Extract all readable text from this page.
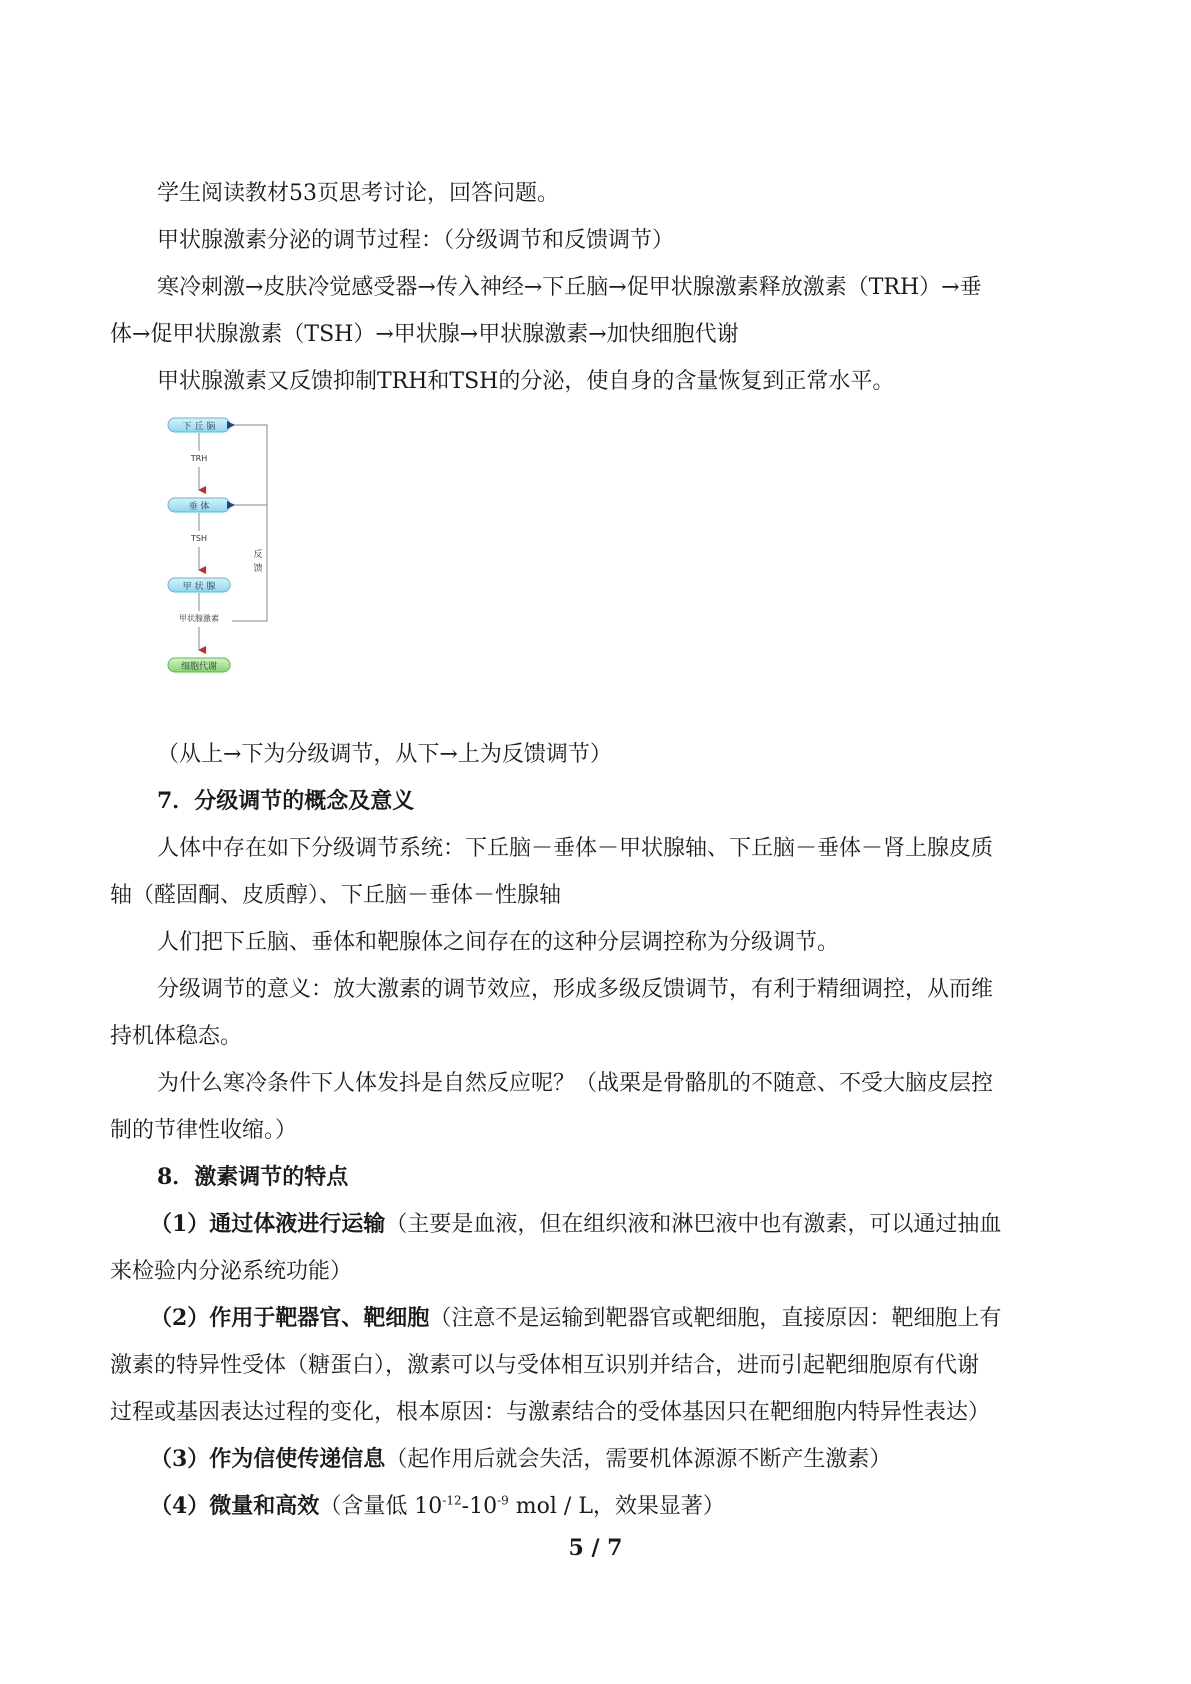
学生阅读教材53页思考讨论，回答问题。

甲状腺激素分泌的调节过程：（分级调节和反馈调节）

寒冷刺激→皮肤冷觉感受器→传入神经→下丘脑→促甲状腺激素释放激素（TRH）→垂

体→促甲状腺激素（TSH）→甲状腺→甲状腺激素→加快细胞代谢

甲状腺激素又反馈抑制TRH和TSH的分泌，使自身的含量恢复到正常水平。

下 丘 脑
垂 体
甲 状 腺
细胞代谢
TRH
TSH
甲状腺激素
反
馈

（从上→下为分级调节，从下→上为反馈调节）

7．分级调节的概念及意义

人体中存在如下分级调节系统：下丘脑－垂体－甲状腺轴、下丘脑－垂体－肾上腺皮质

轴（醛固酮、皮质醇）、下丘脑－垂体－性腺轴

人们把下丘脑、垂体和靶腺体之间存在的这种分层调控称为分级调节。

分级调节的意义：放大激素的调节效应，形成多级反馈调节，有利于精细调控，从而维

持机体稳态。

为什么寒冷条件下人体发抖是自然反应呢？（战栗是骨骼肌的不随意、不受大脑皮层控

制的节律性收缩。）

8．激素调节的特点

（1）通过体液进行运输（主要是血液，但在组织液和淋巴液中也有激素，可以通过抽血

来检验内分泌系统功能）

（2）作用于靶器官、靶细胞（注意不是运输到靶器官或靶细胞，直接原因：靶细胞上有

激素的特异性受体（糖蛋白），激素可以与受体相互识别并结合，进而引起靶细胞原有代谢

过程或基因表达过程的变化，根本原因：与激素结合的受体基因只在靶细胞内特异性表达）

（3）作为信使传递信息（起作用后就会失活，需要机体源源不断产生激素）

（4）微量和高效（含量低 $10^{-12}-10^{-9}$ mol / L，效果显著）

5 / 7
